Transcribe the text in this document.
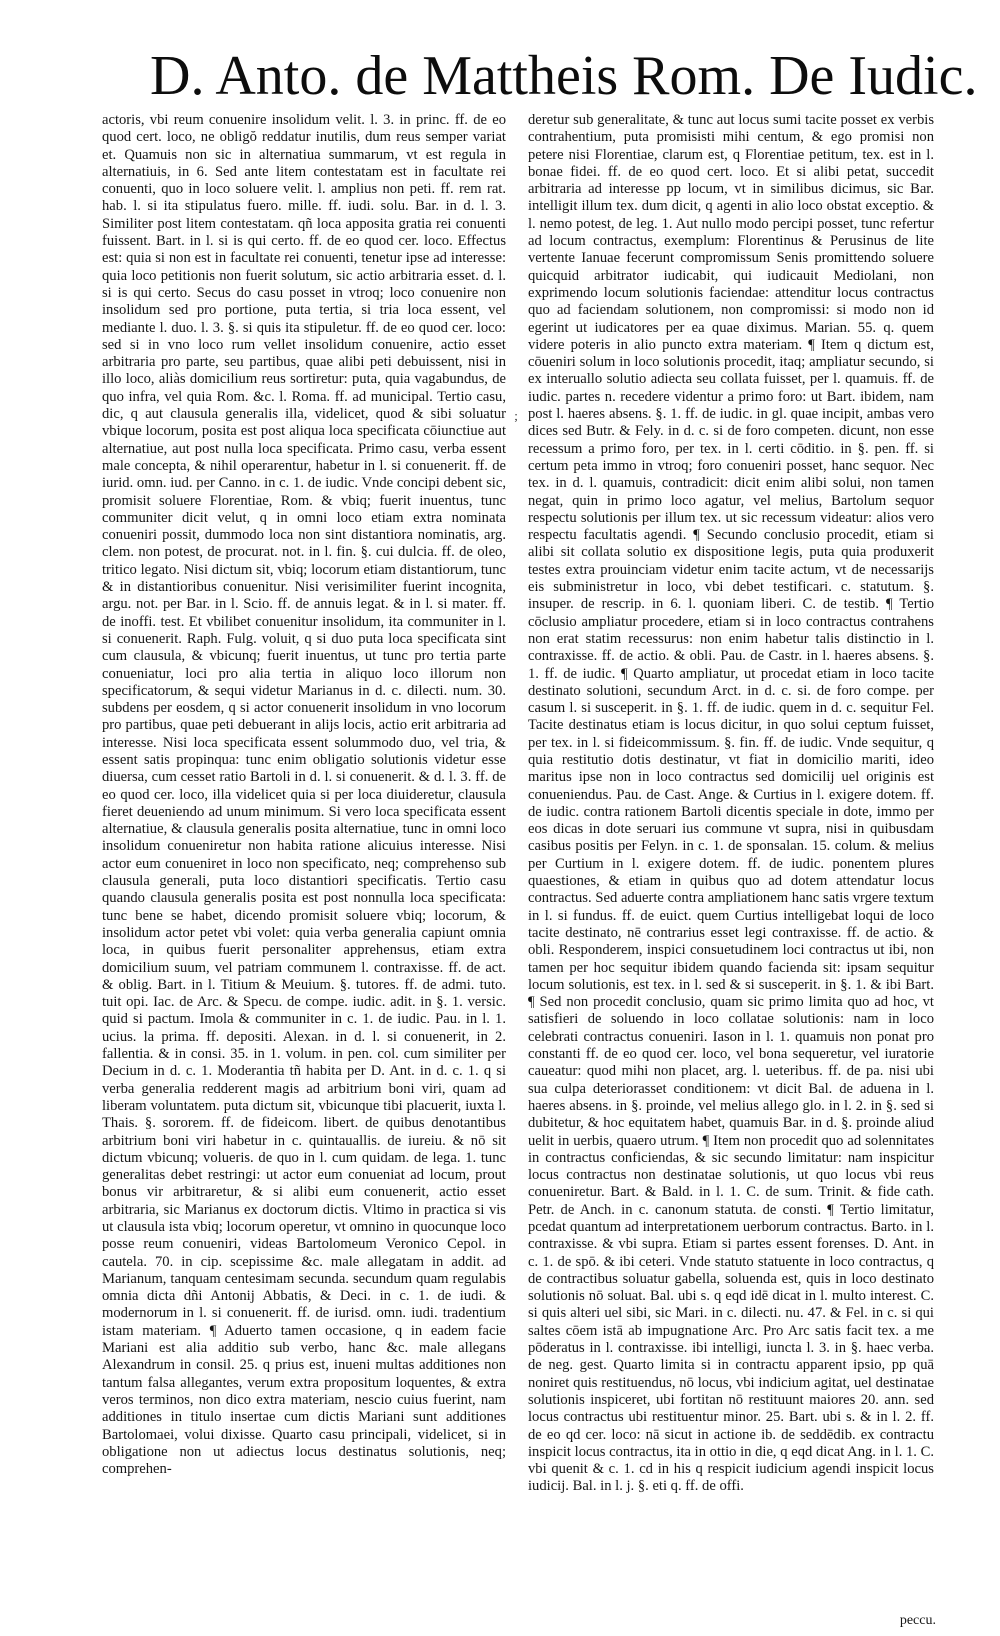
D. Anto. de Mattheis Rom. De Iudic.

actoris, vbi reum conuenire insolidum velit. l. 3. in princ. ff. de eo quod cert. loco, ne obligŏ reddatur inutilis, dum reus semper variat et. Quamuis non sic in alternatiua summarum, vt est regula in alternatiuis, in 6. Sed ante litem contestatam est in facultate rei conuenti, quo in loco soluere velit. l. amplius non peti. ff. rem rat. hab. l. si ita stipulatus fuero. mille. ff. iudi. solu. Bar. in d. l. 3. Similiter post litem contestatam. qñ loca apposita gratia rei conuenti fuissent. Bart. in l. si is qui certo. ff. de eo quod cer. loco. Effectus est: quia si non est in facultate rei conuenti, tenetur ipse ad interesse: quia loco petitionis non fuerit solutum, sic actio arbitraria esset. d. l. si is qui certo. Secus do casu posset in vtroq; loco conuenire non insolidum sed pro portione, puta tertia, si tria loca essent, vel mediante l. duo. l. 3. §. si quis ita stipuletur. ff. de eo quod cer. loco: sed si in vno loco rum vellet insolidum conuenire, actio esset arbitraria pro parte, seu partibus, quae alibi peti debuissent, nisi in illo loco, aliàs domicilium reus sortiretur: puta, quia vagabundus, de quo infra, vel quia Rom. &c. l. Roma. ff. ad municipal. Tertio casu, dic, q aut clausula generalis illa, videlicet, quod & sibi soluatur vbique locorum, posita est post aliqua loca specificata cōiunctiue aut alternatiue, aut post nulla loca specificata. Primo casu, verba essent male concepta, & nihil operarentur, habetur in l. si conuenerit. ff. de iurid. omn. iud. per Canno. in c. 1. de iudic. Vnde concipi debent sic, promisit soluere Florentiae, Rom. & vbiq; fuerit inuentus, tunc communiter dicit velut, q in omni loco etiam extra nominata conueniri possit, dummodo loca non sint distantiora nominatis, arg. clem. non potest, de procurat. not. in l. fin. §. cui dulcia. ff. de oleo, tritico legato. Nisi dictum sit, vbiq; locorum etiam distantiorum, tunc & in distantioribus conuenitur. Nisi verisimiliter fuerint incognita, argu. not. per Bar. in l. Scio. ff. de annuis legat. & in l. si mater. ff. de inoffi. test. Et vbilibet conuenitur insolidum, ita communiter in l. si conuenerit. Raph. Fulg. voluit, q si duo puta loca specificata sint cum clausula, & vbicunq; fuerit inuentus, ut tunc pro tertia parte conueniatur, loci pro alia tertia in aliquo loco illorum non specificatorum, & sequi videtur Marianus in d. c. dilecti. num. 30. subdens per eosdem, q si actor conuenerit insolidum in vno locorum pro partibus, quae peti debuerant in alijs locis, actio erit arbitraria ad interesse. Nisi loca specificata essent solummodo duo, vel tria, & essent satis propinqua: tunc enim obligatio solutionis videtur esse diuersa, cum cesset ratio Bartoli in d. l. si conuenerit. & d. l. 3. ff. de eo quod cer. loco, illa videlicet quia si per loca diuideretur, clausula fieret deueniendo ad unum minimum. Si vero loca specificata essent alternatiue, & clausula generalis posita alternatiue, tunc in omni loco insolidum conueniretur non habita ratione alicuius interesse. Nisi actor eum conueniret in loco non specificato, neq; comprehenso sub clausula generali, puta loco distantiori specificatis. Tertio casu quando clausula generalis posita est post nonnulla loca specificata: tunc bene se habet, dicendo promisit soluere vbiq; locorum, & insolidum actor petet vbi volet: quia verba generalia capiunt omnia loca, in quibus fuerit personaliter apprehensus, etiam extra domicilium suum, vel patriam communem l. contraxisse. ff. de act. & oblig. Bart. in l. Titium & Meuium. §. tutores. ff. de admi. tuto. tuit opi. Iac. de Arc. & Specu. de compe. iudic. adit. in §. 1. versic. quid si pactum. Imola & communiter in c. 1. de iudic. Pau. in l. 1. ucius. la prima. ff. depositi. Alexan. in d. l. si conuenerit, in 2. fallentia. & in consi. 35. in 1. volum. in pen. col. cum similiter per Decium in d. c. 1. Moderantia tñ habita per D. Ant. in d. c. 1. q si verba generalia redderent magis ad arbitrium boni viri, quam ad liberam voluntatem. puta dictum sit, vbicunque tibi placuerit, iuxta l. Thais. §. sororem. ff. de fideicom. libert. de quibus denotantibus arbitrium boni viri habetur in c. quintauallis. de iureiu. & nō sit dictum vbicunq; volueris. de quo in l. cum quidam. de lega. 1. tunc generalitas debet restringi: ut actor eum conueniat ad locum, prout bonus vir arbitraretur, & si alibi eum conuenerit, actio esset arbitraria, sic Marianus ex doctorum dictis. Vltimo in practica si vis ut clausula ista vbiq; locorum operetur, vt omnino in quocunque loco posse reum conueniri, videas Bartolomeum Veronico Cepol. in cautela. 70. in cip. scepissime &c. male allegatam in addit. ad Marianum, tanquam centesimam secunda. secundum quam regulabis omnia dicta dñi Antonij Abbatis, & Deci. in c. 1. de iudi. & modernorum in l. si conuenerit. ff. de iurisd. omn. iudi. tradentium istam materiam. ¶ Aduerto tamen occasione, q in eadem facie Mariani est alia additio sub verbo, hanc &c. male allegans Alexandrum in consil. 25. q prius est, inueni multas additiones non tantum falsa allegantes, verum extra propositum loquentes, & extra veros terminos, non dico extra materiam, nescio cuius fuerint, nam additiones in titulo insertae cum dictis Mariani sunt additiones Bartolomaei, volui dixisse. Quarto casu principali, videlicet, si in obligatione non ut adiectus locus destinatus solutionis, neq; comprehen-

;

deretur sub generalitate, & tunc aut locus sumi tacite posset ex verbis contrahentium, puta promisisti mihi centum, & ego promisi non petere nisi Florentiae, clarum est, q Florentiae petitum, tex. est in l. bonae fidei. ff. de eo quod cert. loco. Et si alibi petat, succedit arbitraria ad interesse pp locum, vt in similibus dicimus, sic Bar. intelligit illum tex. dum dicit, q agenti in alio loco obstat exceptio. & l. nemo potest, de leg. 1. Aut nullo modo percipi posset, tunc refertur ad locum contractus, exemplum: Florentinus & Perusinus de lite vertente Ianuae fecerunt compromissum Senis promittendo soluere quicquid arbitrator iudicabit, qui iudicauit Mediolani, non exprimendo locum solutionis faciendae: attenditur locus contractus quo ad faciendam solutionem, non compromissi: si modo non id egerint ut iudicatores per ea quae diximus. Marian. 55. q. quem videre poteris in alio puncto extra materiam. ¶ Item q dictum est, cōueniri solum in loco solutionis procedit, itaq; ampliatur secundo, si ex interuallo solutio adiecta seu collata fuisset, per l. quamuis. ff. de iudic. partes n. recedere videntur a primo foro: ut Bart. ibidem, nam post l. haeres absens. §. 1. ff. de iudic. in gl. quae incipit, ambas vero dices sed Butr. & Fely. in d. c. si de foro competen. dicunt, non esse recessum a primo foro, per tex. in l. certi cōditio. in §. pen. ff. si certum peta immo in vtroq; foro conueniri posset, hanc sequor. Nec tex. in d. l. quamuis, contradicit: dicit enim alibi solui, non tamen negat, quin in primo loco agatur, vel melius, Bartolum sequor respectu solutionis per illum tex. ut sic recessum videatur: alios vero respectu facultatis agendi. ¶ Secundo conclusio procedit, etiam si alibi sit collata solutio ex dispositione legis, puta quia produxerit testes extra prouinciam videtur enim tacite actum, vt de necessarijs eis subministretur in loco, vbi debet testificari. c. statutum. §. insuper. de rescrip. in 6. l. quoniam liberi. C. de testib. ¶ Tertio cōclusio ampliatur procedere, etiam si in loco contractus contrahens non erat statim recessurus: non enim habetur talis distinctio in l. contraxisse. ff. de actio. & obli. Pau. de Castr. in l. haeres absens. §. 1. ff. de iudic. ¶ Quarto ampliatur, ut procedat etiam in loco tacite destinato solutioni, secundum Arct. in d. c. si. de foro compe. per casum l. si susceperit. in §. 1. ff. de iudic. quem in d. c. sequitur Fel. Tacite destinatus etiam is locus dicitur, in quo solui ceptum fuisset, per tex. in l. si fideicommissum. §. fin. ff. de iudic. Vnde sequitur, q quia restitutio dotis destinatur, vt fiat in domicilio mariti, ideo maritus ipse non in loco contractus sed domicilij uel originis est conueniendus. Pau. de Cast. Ange. & Curtius in l. exigere dotem. ff. de iudic. contra rationem Bartoli dicentis speciale in dote, immo per eos dicas in dote seruari ius commune vt supra, nisi in quibusdam casibus positis per Felyn. in c. 1. de sponsalan. 15. colum. & melius per Curtium in l. exigere dotem. ff. de iudic. ponentem plures quaestiones, & etiam in quibus quo ad dotem attendatur locus contractus. Sed aduerte contra ampliationem hanc satis vrgere textum in l. si fundus. ff. de euict. quem Curtius intelligebat loqui de loco tacite destinato, nē contrarius esset legi contraxisse. ff. de actio. & obli. Responderem, inspici consuetudinem loci contractus ut ibi, non tamen per hoc sequitur ibidem quando facienda sit: ipsam sequitur locum solutionis, est tex. in l. sed & si susceperit. in §. 1. & ibi Bart. ¶ Sed non procedit conclusio, quam sic primo limita quo ad hoc, vt satisfieri de soluendo in loco collatae solutionis: nam in loco celebrati contractus conueniri. Iason in l. 1. quamuis non ponat pro constanti ff. de eo quod cer. loco, vel bona sequeretur, vel iuratorie caueatur: quod mihi non placet, arg. l. ueteribus. ff. de pa. nisi ubi sua culpa deteriorasset conditionem: vt dicit Bal. de aduena in l. haeres absens. in §. proinde, vel melius allego glo. in l. 2. in §. sed si dubitetur, & hoc equitatem habet, quamuis Bar. in d. §. proinde aliud uelit in uerbis, quaero utrum. ¶ Item non procedit quo ad solennitates in contractus conficiendas, & sic secundo limitatur: nam inspicitur locus contractus non destinatae solutionis, ut quo locus vbi reus conueniretur. Bart. & Bald. in l. 1. C. de sum. Trinit. & fide cath. Petr. de Anch. in c. canonum statuta. de consti. ¶ Tertio limitatur, pcedat quantum ad interpretationem uerborum contractus. Barto. in l. contraxisse. & vbi supra. Etiam si partes essent forenses. D. Ant. in c. 1. de spō. & ibi ceteri. Vnde statuto statuente in loco contractus, q de contractibus soluatur gabella, soluenda est, quis in loco destinato solutionis nō soluat. Bal. ubi s. q eqd idē dicat in l. multo interest. C. si quis alteri uel sibi, sic Mari. in c. dilecti. nu. 47. & Fel. in c. si qui saltes cōem istā ab impugnatione Arc. Pro Arc satis facit tex. a me pōderatus in l. contraxisse. ibi intelligi, iuncta l. 3. in §. haec verba. de neg. gest. Quarto limita si in contractu apparent ipsio, pp quā noniret quis restituendus, nō locus, vbi indicium agitat, uel destinatae solutionis inspiceret, ubi fortitan nō restituunt maiores 20. ann. sed locus contractus ubi restituentur minor. 25. Bart. ubi s. & in l. 2. ff. de eo qd cer. loco: nā sicut in actione ib. de seddēdib. ex contractu inspicit locus contractus, ita in ottio in die, q eqd dicat Ang. in l. 1. C. vbi quenit & c. 1. cd in his q respicit iudicium agendi inspicit locus iudicij. Bal. in l. j. §. eti q. ff. de offi.

peccu.
